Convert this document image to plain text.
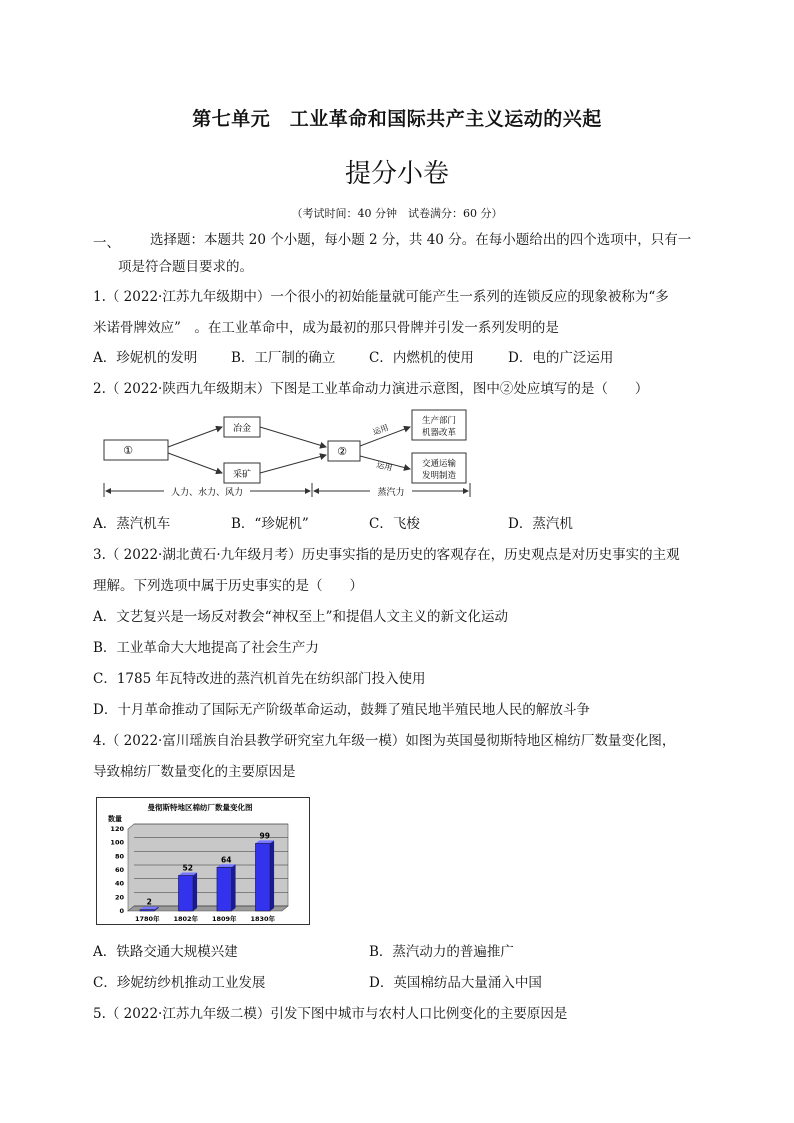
第七单元　工业革命和国际共产主义运动的兴起
提分小卷
（考试时间：40 分钟　试卷满分：60 分）
一、 选择题：本题共 20 个小题，每小题 2 分，共 40 分。在每小题给出的四个选项中，只有一
项是符合题目要求的。
1.（ 2022·江苏九年级期中）一个很小的初始能量就可能产生一系列的连锁反应的现象被称为“多
米诺骨牌效应”　。在工业革命中，成为最初的那只骨牌并引发一系列发明的是
A．珍妮机的发明	B．工厂制的确立 C．内燃机的使用	D．电的广泛运用
2.（ 2022·陕西九年级期末）下图是工业革命动力演进示意图，图中②处应填写的是（　　）
①
冶金
采矿
②
运用
运用
生产部门
机器改革
交通运输
发明制造
人力、水力、风力	蒸汽力
A．蒸汽机车	B．“珍妮机”	C．飞梭	D．蒸汽机
3.（ 2022·湖北黄石·九年级月考）历史事实指的是历史的客观存在，历史观点是对历史事实的主观
理解。下列选项中属于历史事实的是（　　）
A．文艺复兴是一场反对教会“神权至上”和提倡人文主义的新文化运动
B．工业革命大大地提高了社会生产力
C．1785 年瓦特改进的蒸汽机首先在纺织部门投入使用
D．十月革命推动了国际无产阶级革命运动，鼓舞了殖民地半殖民地人民的解放斗争
4.（ 2022·富川瑶族自治县教学研究室九年级一模）如图为英国曼彻斯特地区棉纺厂数量变化图，
导致棉纺厂数量变化的主要原因是
曼彻斯特地区棉纺厂数量变化图
数量
0
20
40
60
80
100
120
2
1780年
52
1802年
64
1809年
99
1830年
A．铁路交通大规模兴建	B．蒸汽动力的普遍推广
C．珍妮纺纱机推动工业发展	D．英国棉纺品大量涌入中国
5.（ 2022·江苏九年级二模）引发下图中城市与农村人口比例变化的主要原因是
